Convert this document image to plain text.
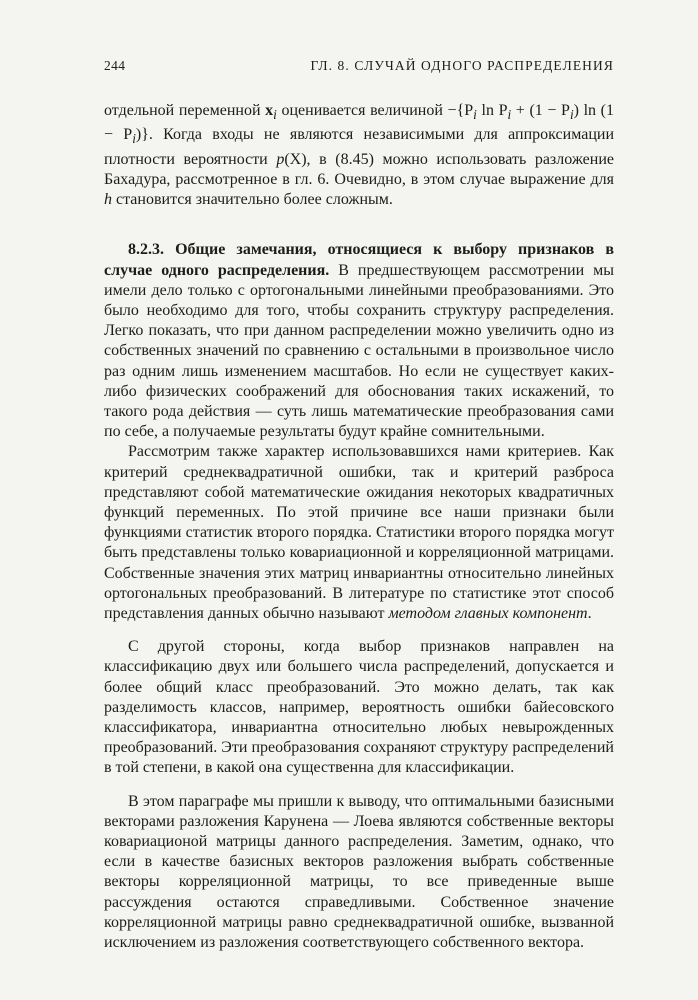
244	ГЛ. 8. СЛУЧАЙ ОДНОГО РАСПРЕДЕЛЕНИЯ

отдельной переменной $x_i$ оценивается величиной $-\{P_i$ $\ln P_i + (1 - P_i)$ $\ln (1 - P_i)$}. Когда входы не являются независимыми для аппроксимации плотности вероятности p(X), в (8.45) можно использовать разложение Бахадура, рассмотренное в гл. 6. Очевидно, в этом случае выражение для h становится значительно более сложным.

8.2.3. Общие замечания, относящиеся к выбору признаков в случае одного распределения. В предшествующем рассмотрении мы имели дело только с ортогональными линейными преобразованиями. Это было необходимо для того, чтобы сохранить структуру распределения. Легко показать, что при данном распределении можно увеличить одно из собственных значений по сравнению с остальными в произвольное число раз одним лишь изменением масштабов. Но если не существует каких-либо физических соображений для обоснования таких искажений, то такого рода действия — суть лишь математические преобразования сами по себе, а получаемые результаты будут крайне сомнительными.

Рассмотрим также характер использовавшихся нами критериев. Как критерий среднеквадратичной ошибки, так и критерий разброса представляют собой математические ожидания некоторых квадратичных функций переменных. По этой причине все наши признаки были функциями статистик второго порядка. Статистики второго порядка могут быть представлены только ковариационной и корреляционной матрицами. Собственные значения этих матриц инвариантны относительно линейных ортогональных преобразований. В литературе по статистике этот способ представления данных обычно называют методом главных компонент.

С другой стороны, когда выбор признаков направлен на классификацию двух или большего числа распределений, допускается и более общий класс преобразований. Это можно делать, так как разделимость классов, например, вероятность ошибки байесовского классификатора, инвариантна относительно любых невырожденных преобразований. Эти преобразования сохраняют структуру распределений в той степени, в какой она существенна для классификации.

В этом параграфе мы пришли к выводу, что оптимальными базисными векторами разложения Карунена — Лоева являются собственные векторы ковариационой матрицы данного распределения. Заметим, однако, что если в качестве базисных векторов разложения выбрать собственные векторы корреляционной матрицы, то все приведенные выше рассуждения остаются справедливыми. Собственное значение корреляционной матрицы равно среднеквадратичной ошибке, вызванной исключением из разложения соответствующего собственного вектора.
